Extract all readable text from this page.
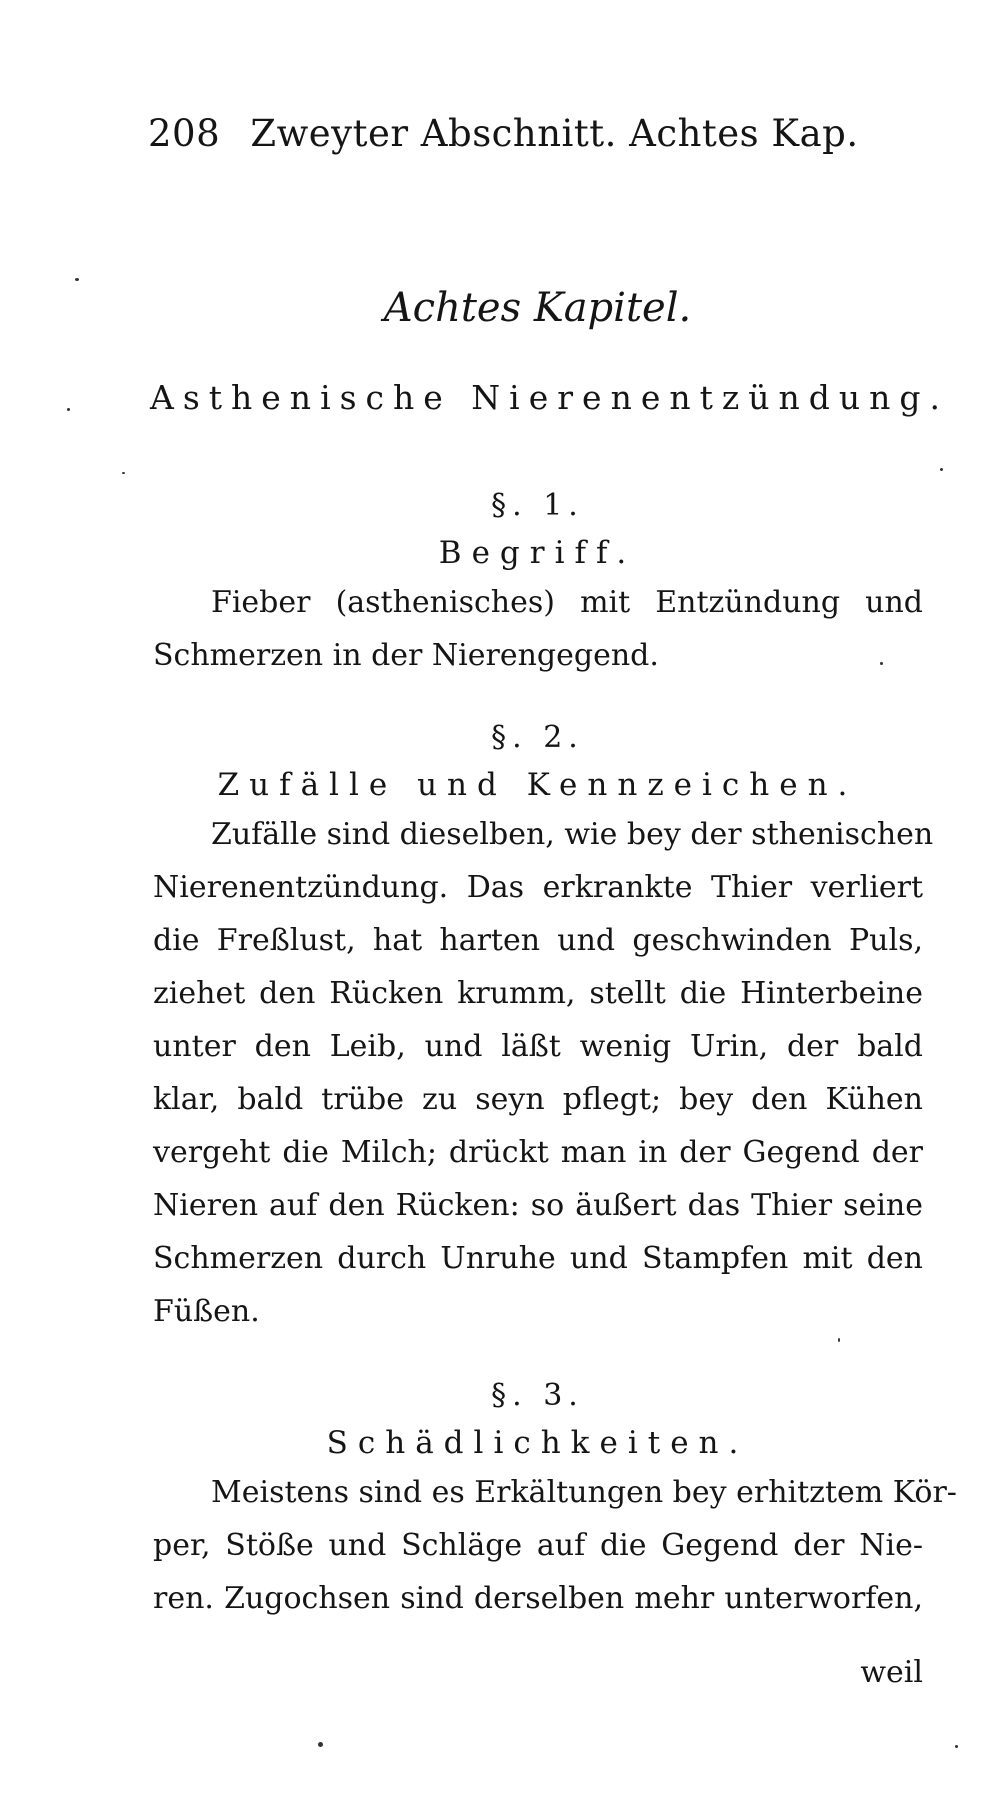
208 Zweyter Abschnitt. Achtes Kap.
Achtes Kapitel.
Asthenische Nierenentzündung.
§. 1.
Begriff.
Fieber (asthenisches) mit Entzündung und
Schmerzen in der Nierengegend.
§. 2.
Zufälle und Kennzeichen.
Zufälle sind dieselben, wie bey der sthenischen
Nierenentzündung. Das erkrankte Thier verliert
die Freßlust, hat harten und geschwinden Puls,
ziehet den Rücken krumm, stellt die Hinterbeine
unter den Leib, und läßt wenig Urin, der bald
klar, bald trübe zu seyn pflegt; bey den Kühen
vergeht die Milch; drückt man in der Gegend der
Nieren auf den Rücken: so äußert das Thier seine
Schmerzen durch Unruhe und Stampfen mit den
Füßen.
§. 3.
Schädlichkeiten.
Meistens sind es Erkältungen bey erhitztem Kör-
per, Stöße und Schläge auf die Gegend der Nie-
ren. Zugochsen sind derselben mehr unterworfen,
weil
